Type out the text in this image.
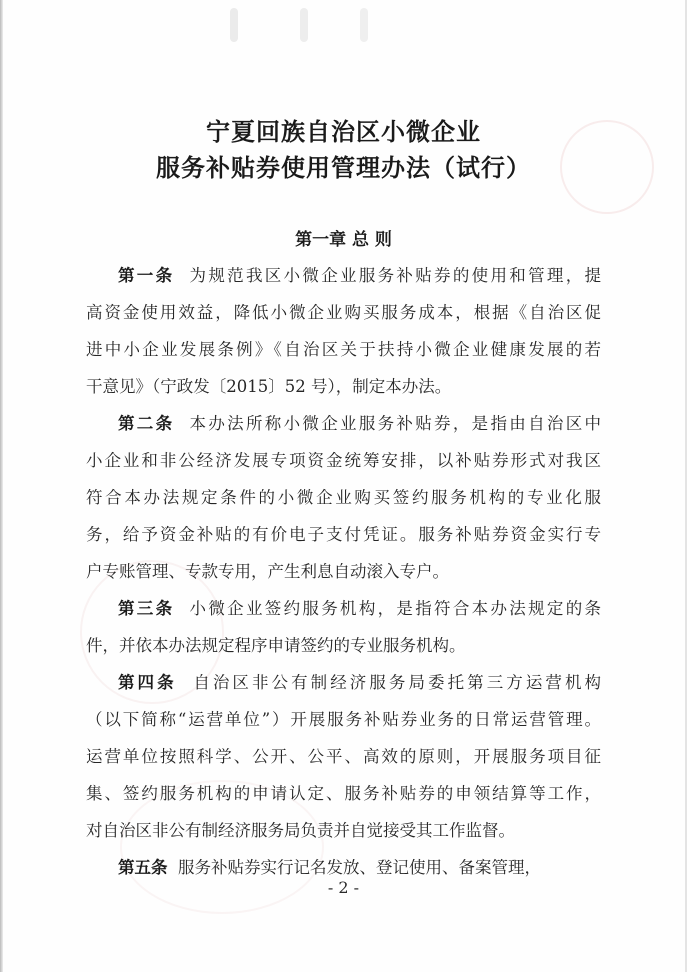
宁夏回族自治区小微企业
服务补贴券使用管理办法（试行）
第一章 总 则
第一条 为规范我区小微企业服务补贴券的使用和管理，提
高资金使用效益，降低小微企业购买服务成本，根据《自治区促
进中小企业发展条例》《自治区关于扶持小微企业健康发展的若
干意见》（宁政发〔2015〕52 号），制定本办法。
第二条 本办法所称小微企业服务补贴券，是指由自治区中
小企业和非公经济发展专项资金统筹安排，以补贴券形式对我区
符合本办法规定条件的小微企业购买签约服务机构的专业化服
务，给予资金补贴的有价电子支付凭证。服务补贴券资金实行专
户专账管理、专款专用，产生利息自动滚入专户。
第三条 小微企业签约服务机构，是指符合本办法规定的条
件，并依本办法规定程序申请签约的专业服务机构。
第四条 自治区非公有制经济服务局委托第三方运营机构
（以下简称“运营单位”）开展服务补贴券业务的日常运营管理。
运营单位按照科学、公开、公平、高效的原则，开展服务项目征
集、签约服务机构的申请认定、服务补贴券的申领结算等工作，
对自治区非公有制经济服务局负责并自觉接受其工作监督。
第五条 服务补贴券实行记名发放、登记使用、备案管理，
- 2 -
